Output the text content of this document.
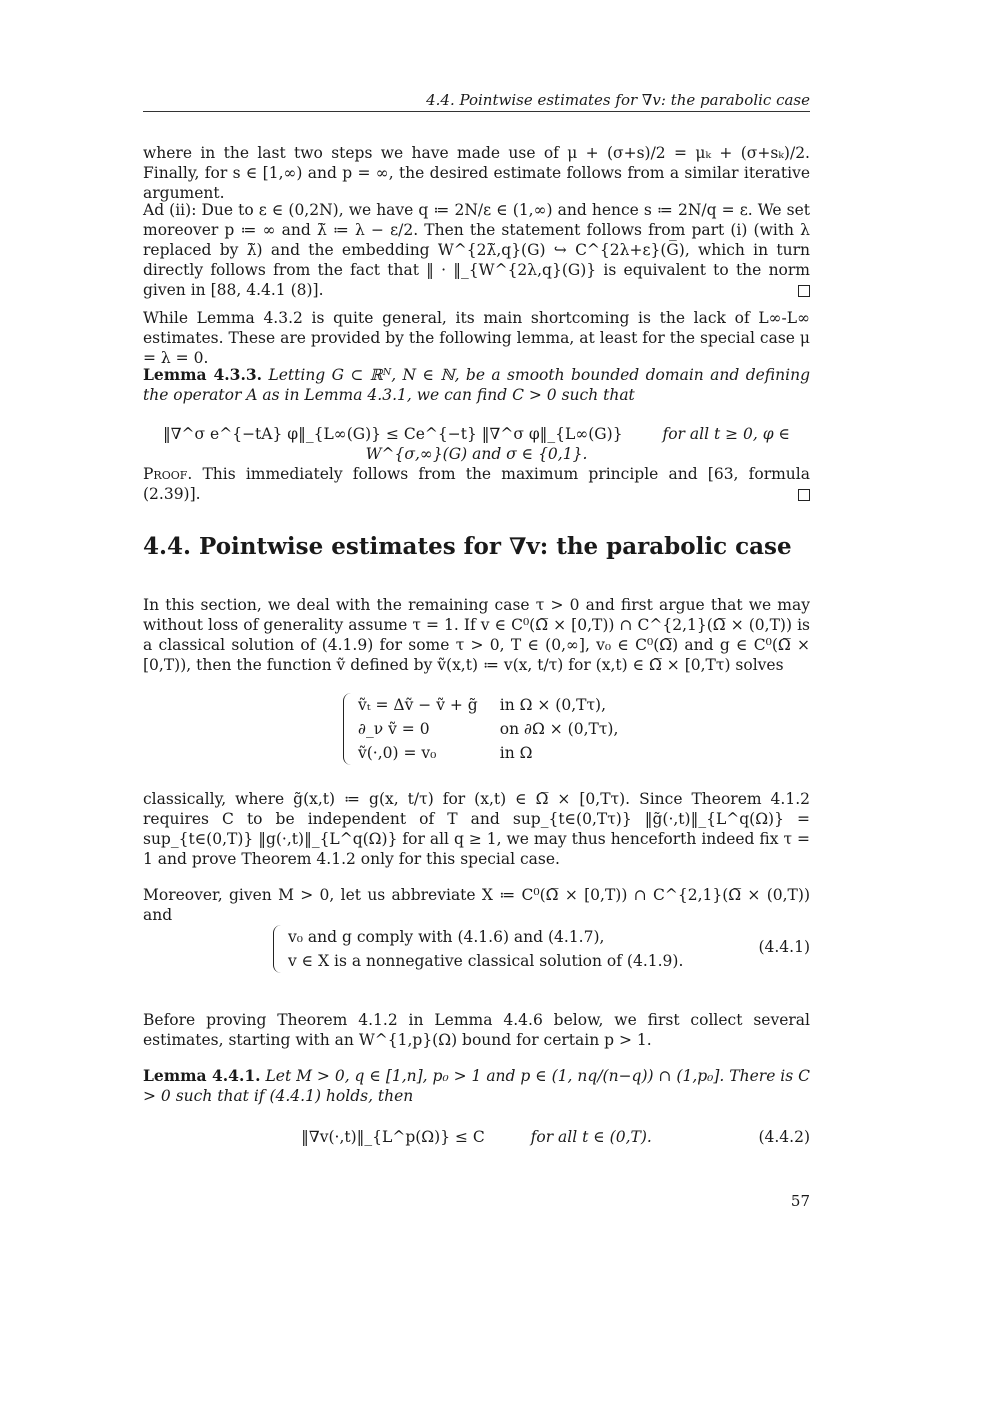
4.4. Pointwise estimates for ∇v: the parabolic case
where in the last two steps we have made use of μ + (σ+s)/2 = μₖ + (σ+sₖ)/2. Finally, for s ∈ [1,∞) and p = ∞, the desired estimate follows from a similar iterative argument.
Ad (ii): Due to ε ∈ (0,2N), we have q ≔ 2N/ε ∈ (1,∞) and hence s ≔ 2N/q = ε. We set moreover p ≔ ∞ and λ̃ ≔ λ − ε/2. Then the statement follows from part (i) (with λ replaced by λ̃) and the embedding W^{2λ̃,q}(G) ↪ C^{2λ+ε}(G̅), which in turn directly follows from the fact that ‖ · ‖_{W^{2λ,q}(G)} is equivalent to the norm given in [88, 4.4.1 (8)].
While Lemma 4.3.2 is quite general, its main shortcoming is the lack of L∞-L∞ estimates. These are provided by the following lemma, at least for the special case μ = λ = 0.
Lemma 4.3.3. Letting G ⊂ ℝᴺ, N ∈ ℕ, be a smooth bounded domain and defining the operator A as in Lemma 4.3.1, we can find C > 0 such that
‖∇^σ e^{−tA} φ‖_{L∞(G)} ≤ Ce^{−t} ‖∇^σ φ‖_{L∞(G)}	for all t ≥ 0, φ ∈ W^{σ,∞}(G) and σ ∈ {0,1}.
Proof. This immediately follows from the maximum principle and [63, formula (2.39)].
4.4. Pointwise estimates for ∇v: the parabolic case
In this section, we deal with the remaining case τ > 0 and first argue that we may without loss of generality assume τ = 1. If v ∈ C⁰(Ω̅ × [0,T)) ∩ C^{2,1}(Ω̅ × (0,T)) is a classical solution of (4.1.9) for some τ > 0, T ∈ (0,∞], v₀ ∈ C⁰(Ω̅) and g ∈ C⁰(Ω̅ × [0,T)), then the function ṽ defined by ṽ(x,t) ≔ v(x, t/τ) for (x,t) ∈ Ω̅ × [0,Tτ) solves
ṽₜ = Δṽ − ṽ + g̃ in Ω × (0,Tτ),
∂_ν ṽ = 0	on ∂Ω × (0,Tτ),
ṽ(·,0) = v₀	in Ω
classically, where g̃(x,t) ≔ g(x, t/τ) for (x,t) ∈ Ω̅ × [0,Tτ). Since Theorem 4.1.2 requires C to be independent of T and sup_{t∈(0,Tτ)} ‖g̃(·,t)‖_{L^q(Ω)} = sup_{t∈(0,T)} ‖g(·,t)‖_{L^q(Ω)} for all q ≥ 1, we may thus henceforth indeed fix τ = 1 and prove Theorem 4.1.2 only for this special case.
Moreover, given M > 0, let us abbreviate X ≔ C⁰(Ω̅ × [0,T)) ∩ C^{2,1}(Ω̅ × (0,T)) and
v₀ and g comply with (4.1.6) and (4.1.7),
v ∈ X is a nonnegative classical solution of (4.1.9).
(4.4.1)
Before proving Theorem 4.1.2 in Lemma 4.4.6 below, we first collect several estimates, starting with an W^{1,p}(Ω) bound for certain p > 1.
Lemma 4.4.1. Let M > 0, q ∈ [1,n], p₀ > 1 and p ∈ (1, nq/(n−q)) ∩ (1,p₀]. There is C > 0 such that if (4.4.1) holds, then
‖∇v(·,t)‖_{L^p(Ω)} ≤ C	for all t ∈ (0,T).	(4.4.2)
57
